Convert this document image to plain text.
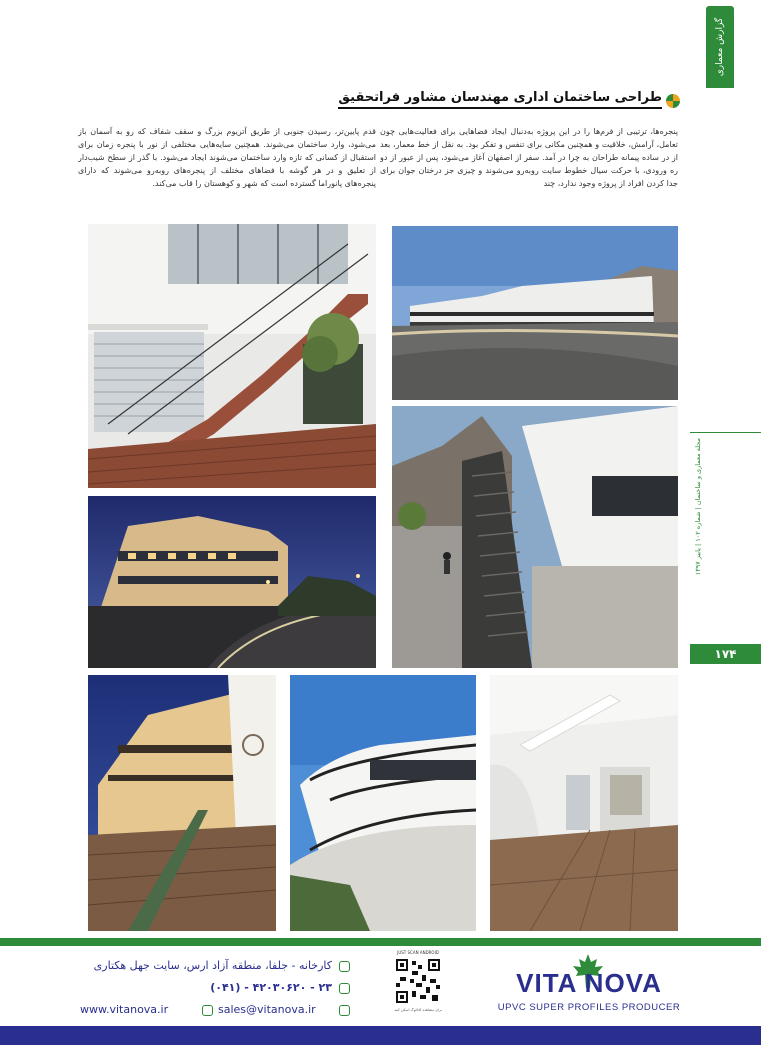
گزارش معماری
مجله معماری و ساختمان | شماره ۱۰۲ | پاییز ۱۳۹۷
۱۷۴
طراحی ساختمان اداری مهندسان مشاور فراتحقیق
پنجره‌ها، ترتیبی از فرم‌ها را در این پروژه به‌دنبال ایجاد فضاهایی برای فعالیت‌هایی چون تعامل، آرامش، خلاقیت و همچنین مکانی برای تنفس و تفکر بود. به نقل از خط معمار، بعد از در ساده پیمانه طراحان به چرا در آمد. سفر از اصفهان آغاز می‌شود، پس از عبور از دو ره ورودی، با حرکت سیال خطوط سایت روبه‌رو می‌شوند و چیزی جز درختان جوان برای جدا کردن افراد از پروژه وجود ندارد، چند
قدم پایین‌تر، رسیدن جنوبی از طریق آتریوم بزرگ و سقف شفاف که رو به آسمان باز می‌شود، وارد ساختمان می‌شوند. همچنین سایه‌هایی مختلفی از نور با پنجره زمان برای استقبال از کسانی که تازه وارد ساختمان می‌شوند ایجاد می‌شود. با گذر از سطح شیب‌دار از تعلیق و در هر گوشه با فضاهای مختلف از پنجره‌های رو‌به‌رو می‌شوند که دارای پنجره‌های پانوراما گسترده است که شهر و کوهستان را قاب می‌کند.
کارخانه - جلفا، منطقه آزاد ارس، سایت جهل هکتاری
(۰۴۱) - ۴۲۰۳۰۶۲۰ - ۲۳
www.vitanova.ir	sales@vitanova.ir
JUST SCAN ANDROID
برای مشاهده کاتالوگ اسکن کنید
VITA NOVA
UPVC SUPER PROFILES PRODUCER
